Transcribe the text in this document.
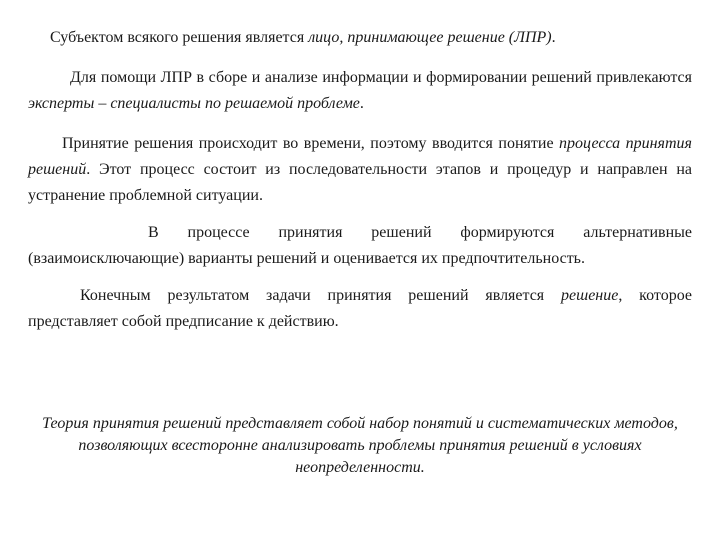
Субъектом всякого решения является лицо, принимающее решение (ЛПР).

Для помощи ЛПР в сборе и анализе информации и формировании решений привлекаются эксперты – специалисты по решаемой проблеме.

Принятие решения происходит во времени, поэтому вводится понятие процесса принятия решений. Этот процесс состоит из последовательности этапов и процедур и направлен на устранение проблемной ситуации.

В процессе принятия решений формируются альтернативные (взаимоисключающие) варианты решений и оценивается их предпочтительность.

Конечным результатом задачи принятия решений является решение, которое представляет собой предписание к действию.

Теория принятия решений представляет собой набор понятий и систематических методов, позволяющих всесторонне анализировать проблемы принятия решений в условиях неопределенности.
